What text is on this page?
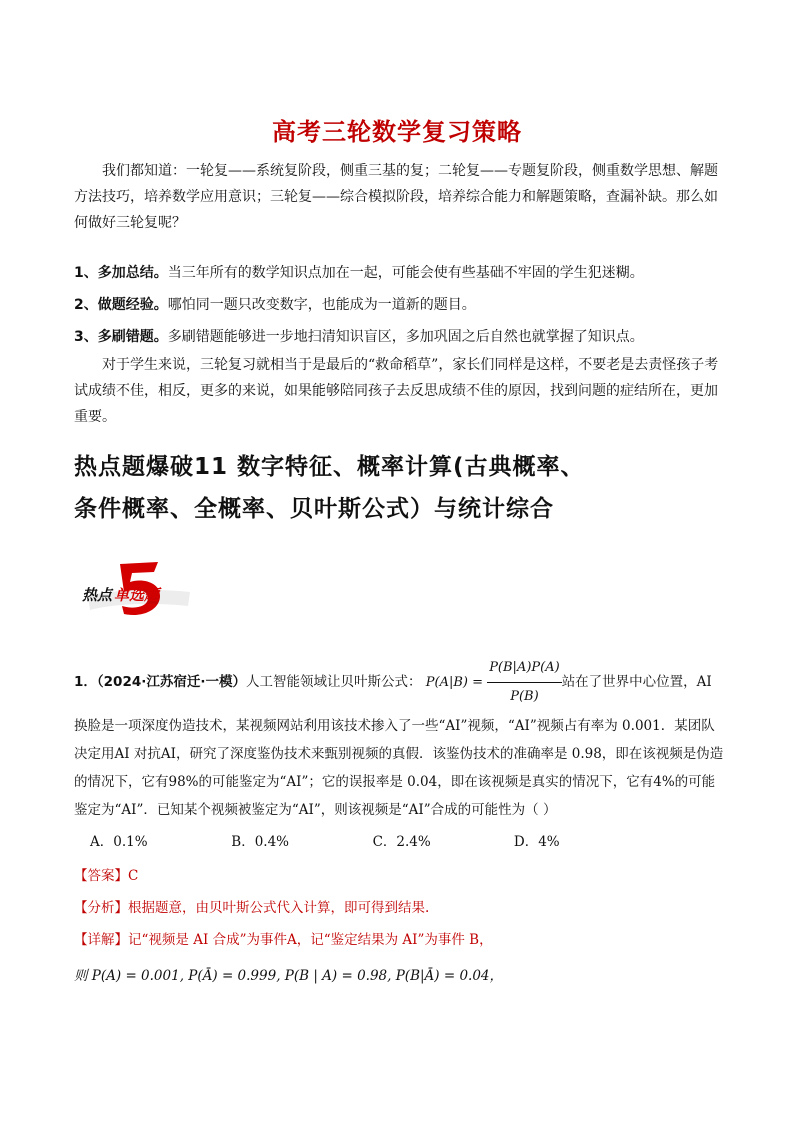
高考三轮数学复习策略
我们都知道：一轮复——系统复阶段，侧重三基的复；二轮复——专题复阶段，侧重数学思想、解题方法技巧，培养数学应用意识；三轮复——综合模拟阶段，培养综合能力和解题策略，查漏补缺。那么如何做好三轮复呢？
1、多加总结。当三年所有的数学知识点加在一起，可能会使有些基础不牢固的学生犯迷糊。
2、做题经验。哪怕同一题只改变数字，也能成为一道新的题目。
3、多刷错题。多刷错题能够进一步地扫清知识盲区，多加巩固之后自然也就掌握了知识点。
对于学生来说，三轮复习就相当于是最后的“救命稻草”，家长们同样是这样，不要老是去责怪孩子考试成绩不佳，相反，更多的来说，如果能够陪同孩子去反思成绩不佳的原因，找到问题的症结所在，更加重要。
热点题爆破11 数字特征、概率计算(古典概率、
条件概率、全概率、贝叶斯公式）与统计综合
热点 单选题
1．（2024·江苏宿迁·一模）人工智能领域让贝叶斯公式： $P(A|B) = \frac{P(B|A)P(A)}{P(B)}$ 站在了世界中心位置，AI
换脸是一项深度伪造技术，某视频网站利用该技术掺入了一些“AI”视频，“AI”视频占有率为 0.001．某团队决定用AI 对抗AI，研究了深度鉴伪技术来甄别视频的真假．该鉴伪技术的准确率是 0.98，即在该视频是伪造的情况下，它有98%的可能鉴定为“AI”；它的误报率是 0.04，即在该视频是真实的情况下，它有4%的可能鉴定为“AI”．已知某个视频被鉴定为“AI”，则该视频是“AI”合成的可能性为（ ）
A．0.1%	B．0.4%	C．2.4%	D．4%
【答案】C
【分析】根据题意，由贝叶斯公式代入计算，即可得到结果.
【详解】记“视频是 AI 合成”为事件A，记“鉴定结果为 AI”为事件 B，
则 P(A) = 0.001, P(Ā) = 0.999, P(B | A) = 0.98, P(B|Ā) = 0.04，
